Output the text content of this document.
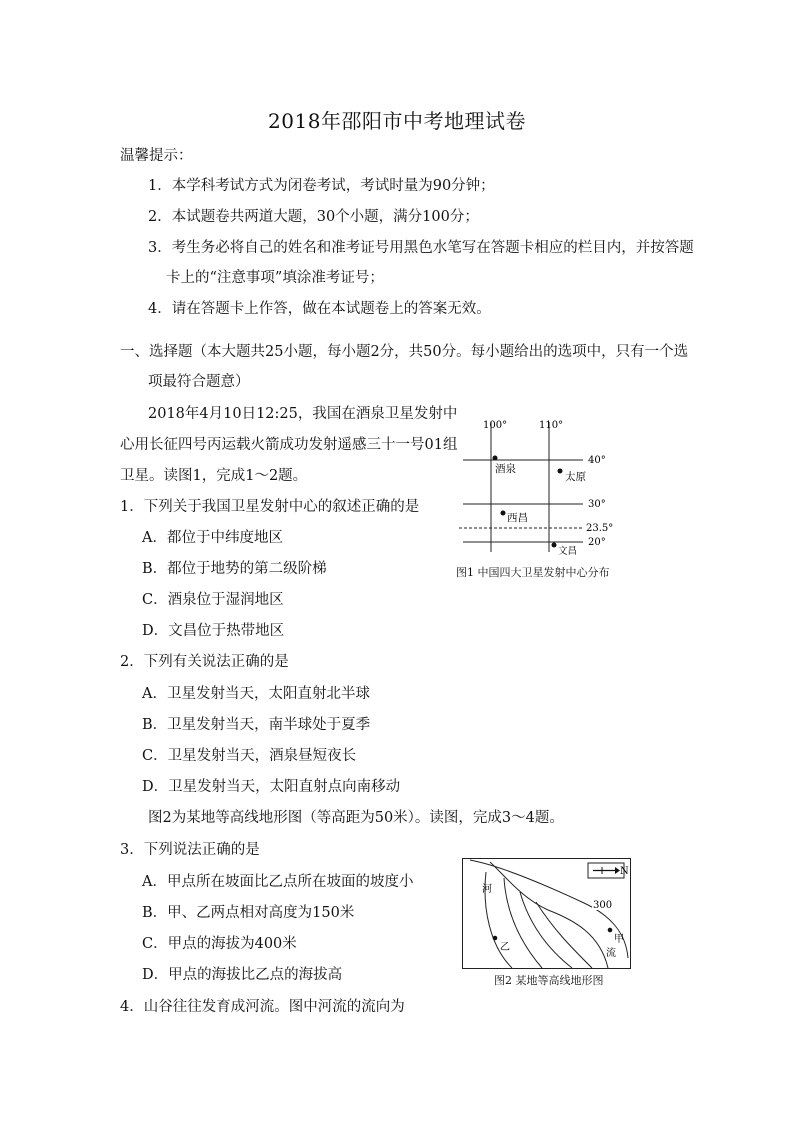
2018年邵阳市中考地理试卷
温馨提示：
1．本学科考试方式为闭卷考试，考试时量为90分钟；
2．本试题卷共两道大题，30个小题，满分100分；
3．考生务必将自己的姓名和准考证号用黑色水笔写在答题卡相应的栏目内，并按答题
卡上的“注意事项”填涂准考证号；
4．请在答题卡上作答，做在本试题卷上的答案无效。
一、选择题（本大题共25小题，每小题2分，共50分。每小题给出的选项中，只有一个选
项最符合题意）
2018年4月10日12:25，我国在酒泉卫星发射中
心用长征四号丙运载火箭成功发射遥感三十一号01组
卫星。读图1，完成1～2题。
1．下列关于我国卫星发射中心的叙述正确的是
A．都位于中纬度地区
B．都位于地势的第二级阶梯
C．酒泉位于湿润地区
D．文昌位于热带地区
2．下列有关说法正确的是
A．卫星发射当天，太阳直射北半球
B．卫星发射当天，南半球处于夏季
C．卫星发射当天，酒泉昼短夜长
D．卫星发射当天，太阳直射点向南移动
图2为某地等高线地形图（等高距为50米）。读图，完成3～4题。
3．下列说法正确的是
A．甲点所在坡面比乙点所在坡面的坡度小
B．甲、乙两点相对高度为150米
C．甲点的海拔为400米
D．甲点的海拔比乙点的海拔高
4．山谷往往发育成河流。图中河流的流向为
100°	110°
40°
30°
23.5°
20°
酒泉
太原
西昌
文昌
图1 中国四大卫星发射中心分布
N
300
河
流
乙
甲
图2 某地等高线地形图
